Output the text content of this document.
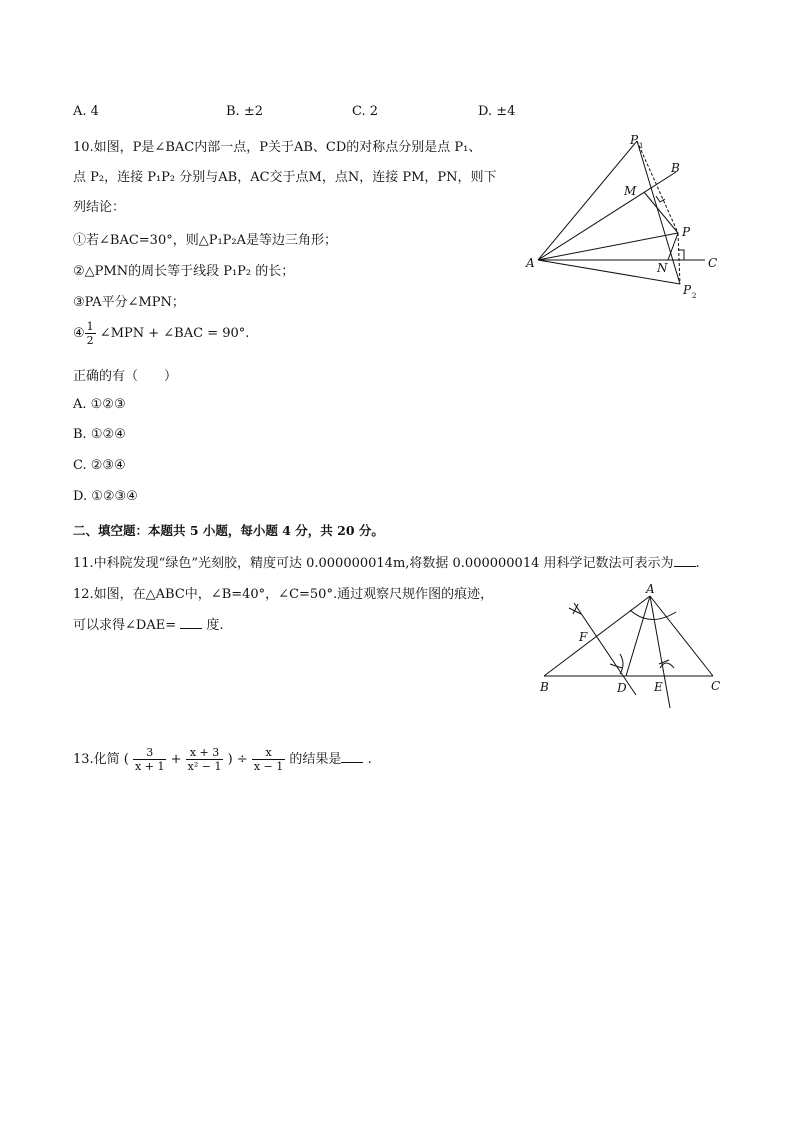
A. 4	B. ±2	C. 2	D. ±4
10.如图，P是∠BAC内部一点，P关于AB、CD的对称点分别是点 P₁、
点 P₂，连接 P₁P₂ 分别与AB，AC交于点M，点N，连接 PM，PN，则下
列结论：
①若∠BAC=30°，则△P₁P₂A是等边三角形；
②△PMN的周长等于线段 P₁P₂ 的长；
③PA平分∠MPN；
④ $\frac{1}{2}$ ∠MPN + ∠BAC = 90°.
正确的有（　　）
A. ①②③
B. ①②④
C. ②③④
D. ①②③④
P 1
B
M
P
A	N	C
P 2
二、填空题：本题共 5 小题，每小题 4 分，共 20 分。
11.中科院发现“绿色”光刻胶，精度可达 0.000000014m,将数据 0.000000014 用科学记数法可表示为 .
12.如图，在△ABC中，∠B=40°，∠C=50°.通过观察尺规作图的痕迹，
可以求得∠DAE= 度.
A
F
B	D E	C
13.化简 ( $\frac{3}{x + 1} + \frac{x + 3}{\text{x² − 1}}$ ) ÷ $\frac{x}{x - 1}$ 的结果是 .
